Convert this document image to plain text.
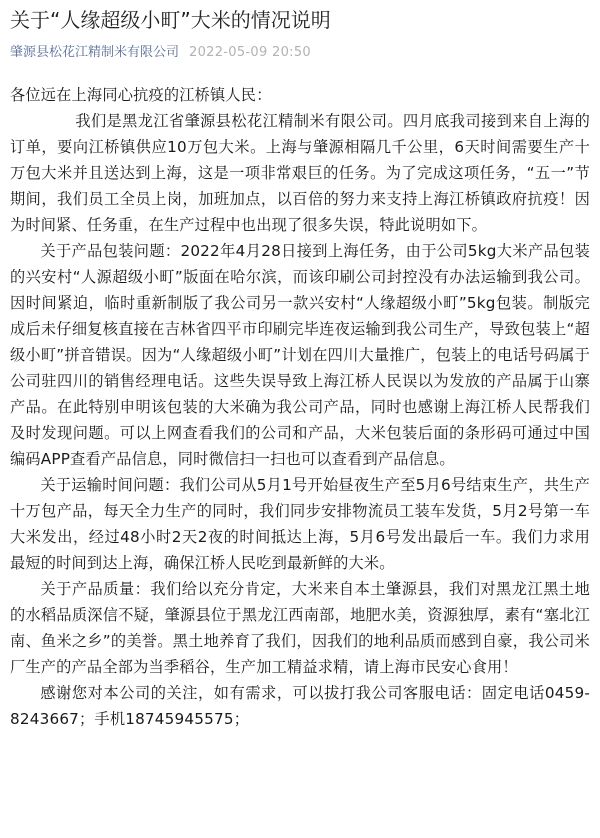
关于“人缘超级小町”大米的情况说明
肇源县松花江精制米有限公司 2022-05-09 20:50

各位远在上海同心抗疫的江桥镇人民：

我们是黑龙江省肇源县松花江精制米有限公司。四月底我司接到来自上海的订单，要向江桥镇供应10万包大米。上海与肇源相隔几千公里，6天时间需要生产十万包大米并且送达到上海，这是一项非常艰巨的任务。为了完成这项任务，“五一”节期间，我们员工全员上岗，加班加点，以百倍的努力来支持上海江桥镇政府抗疫！因为时间紧、任务重，在生产过程中也出现了很多失误，特此说明如下。

关于产品包装问题：2022年4月28日接到上海任务，由于公司5kg大米产品包装的兴安村“人源超级小町”版面在哈尔滨，而该印刷公司封控没有办法运输到我公司。因时间紧迫，临时重新制版了我公司另一款兴安村“人缘超级小町”5kg包装。制版完成后未仔细复核直接在吉林省四平市印刷完毕连夜运输到我公司生产，导致包装上“超级小町”拼音错误。因为“人缘超级小町”计划在四川大量推广，包装上的电话号码属于公司驻四川的销售经理电话。这些失误导致上海江桥人民误以为发放的产品属于山寨产品。在此特别申明该包装的大米确为我公司产品，同时也感谢上海江桥人民帮我们及时发现问题。可以上网查看我们的公司和产品，大米包装后面的条形码可通过中国编码APP查看产品信息，同时微信扫一扫也可以查看到产品信息。

关于运输时间问题：我们公司从5月1号开始昼夜生产至5月6号结束生产，共生产十万包产品，每天全力生产的同时，我们同步安排物流员工装车发货，5月2号第一车大米发出，经过48小时2天2夜的时间抵达上海，5月6号发出最后一车。我们力求用最短的时间到达上海，确保江桥人民吃到最新鲜的大米。

关于产品质量：我们给以充分肯定，大米来自本土肇源县，我们对黑龙江黑土地的水稻品质深信不疑，肇源县位于黑龙江西南部，地肥水美，资源独厚，素有“塞北江南、鱼米之乡”的美誉。黑土地养育了我们，因我们的地利品质而感到自豪，我公司米厂生产的产品全部为当季稻谷，生产加工精益求精，请上海市民安心食用！

感谢您对本公司的关注，如有需求，可以拔打我公司客服电话：固定电话0459-8243667；手机18745945575；
